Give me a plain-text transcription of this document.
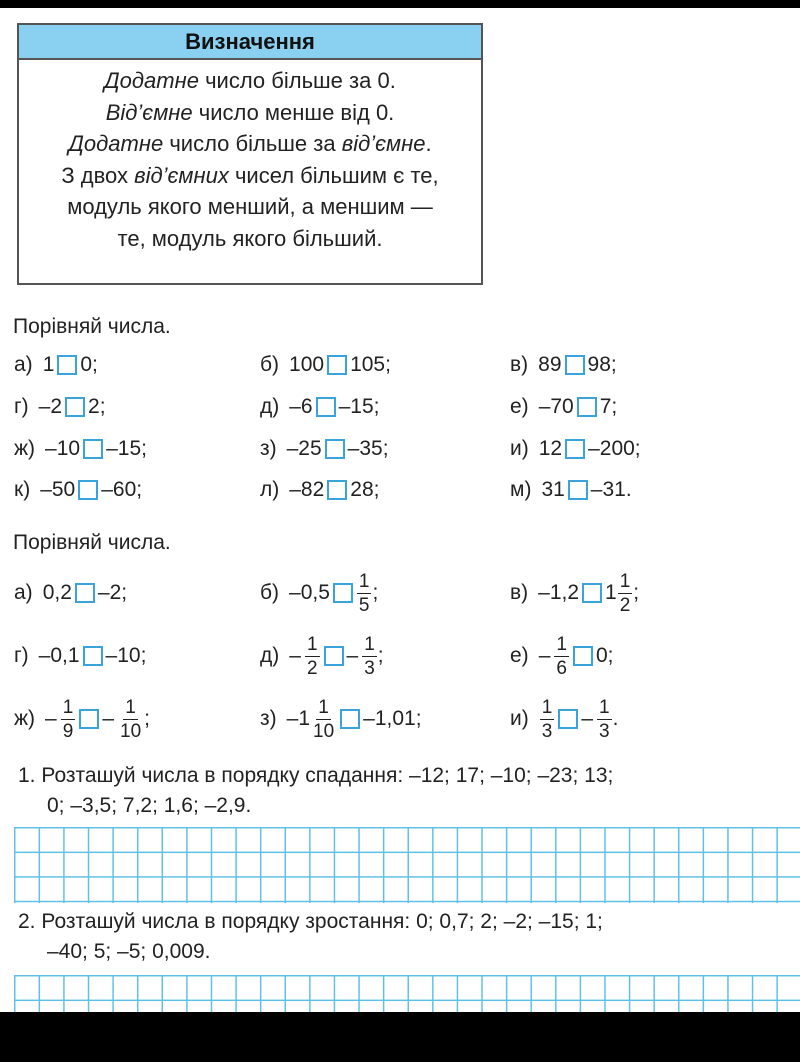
Визначення
Додатне число більше за 0.
Від’ємне число менше від 0.
Додатне число більше за від’ємне.
З двох від’ємних чисел більшим є те,
модуль якого менший, а меншим —
те, модуль якого більший.
Порівняй числа.
а) 1 0;	б) 100 105;	в) 89 98;
г) –2 2;	д) –6 –15;	е) –70 7;
ж) –10 –15;	з) –25 –35;	и) 12 –200;
к) –50 –60;	л) –82 28;	м) 31 –31.
Порівняй числа.
а) 0,2 –2;	б) $-0,5 \frac{1}{5}$ ;	в) –1,2 $1 \frac{1}{2}$ ;
г) –0,1 –10;	$д) - \frac{1}{2} - \frac{1}{3}$ ;	$е) - \frac{1}{6} 0$;
$ж) - \frac{1}{9} - \frac{1}{10}$ ;	$з) - 1 \frac{1}{10} -1,01$;	$и) \frac{1}{3} - \frac{1}{3}$ .
1. Розташуй числа в порядку спадання: –12; 17; –10; –23; 13;
0; –3,5; 7,2; 1,6; –2,9.
2. Розташуй числа в порядку зростання: 0; 0,7; 2; –2; –15; 1;
–40; 5; –5; 0,009.
